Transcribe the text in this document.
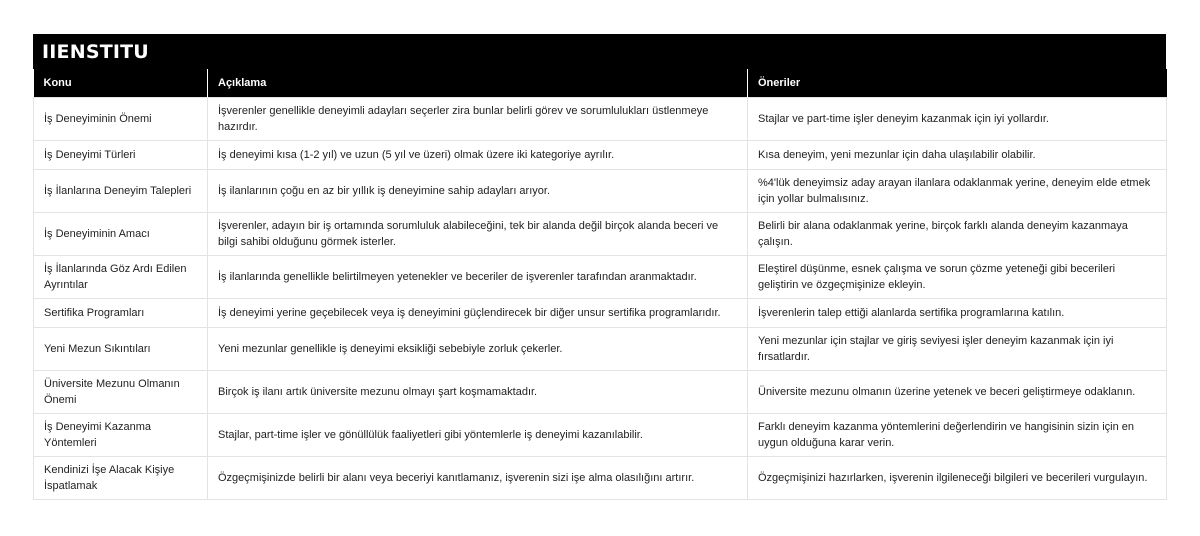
IIENSTITU
Konu	Açıklama	Öneriler
İş Deneyiminin Önemi	İşverenler genellikle deneyimli adayları seçerler zira bunlar belirli görev ve sorumlulukları üstlenmeye hazırdır.	Stajlar ve part-time işler deneyim kazanmak için iyi yollardır.
İş Deneyimi Türleri	İş deneyimi kısa (1-2 yıl) ve uzun (5 yıl ve üzeri) olmak üzere iki kategoriye ayrılır.	Kısa deneyim, yeni mezunlar için daha ulaşılabilir olabilir.
İş İlanlarına Deneyim Talepleri	İş ilanlarının çoğu en az bir yıllık iş deneyimine sahip adayları arıyor.	%4'lük deneyimsiz aday arayan ilanlara odaklanmak yerine, deneyim elde etmek için yollar bulmalısınız.
İş Deneyiminin Amacı	İşverenler, adayın bir iş ortamında sorumluluk alabileceğini, tek bir alanda değil birçok alanda beceri ve bilgi sahibi olduğunu görmek isterler.	Belirli bir alana odaklanmak yerine, birçok farklı alanda deneyim kazanmaya çalışın.
İş İlanlarında Göz Ardı Edilen Ayrıntılar	İş ilanlarında genellikle belirtilmeyen yetenekler ve beceriler de işverenler tarafından aranmaktadır.	Eleştirel düşünme, esnek çalışma ve sorun çözme yeteneği gibi becerileri geliştirin ve özgeçmişinize ekleyin.
Sertifika Programları	İş deneyimi yerine geçebilecek veya iş deneyimini güçlendirecek bir diğer unsur sertifika programlarıdır.	İşverenlerin talep ettiği alanlarda sertifika programlarına katılın.
Yeni Mezun Sıkıntıları	Yeni mezunlar genellikle iş deneyimi eksikliği sebebiyle zorluk çekerler.	Yeni mezunlar için stajlar ve giriş seviyesi işler deneyim kazanmak için iyi fırsatlardır.
Üniversite Mezunu Olmanın Önemi	Birçok iş ilanı artık üniversite mezunu olmayı şart koşmamaktadır.	Üniversite mezunu olmanın üzerine yetenek ve beceri geliştirmeye odaklanın.
İş Deneyimi Kazanma Yöntemleri	Stajlar, part-time işler ve gönüllülük faaliyetleri gibi yöntemlerle iş deneyimi kazanılabilir.	Farklı deneyim kazanma yöntemlerini değerlendirin ve hangisinin sizin için en uygun olduğuna karar verin.
Kendinizi İşe Alacak Kişiye İspatlamak	Özgeçmişinizde belirli bir alanı veya beceriyi kanıtlamanız, işverenin sizi işe alma olasılığını artırır.	Özgeçmişinizi hazırlarken, işverenin ilgileneceği bilgileri ve becerileri vurgulayın.
